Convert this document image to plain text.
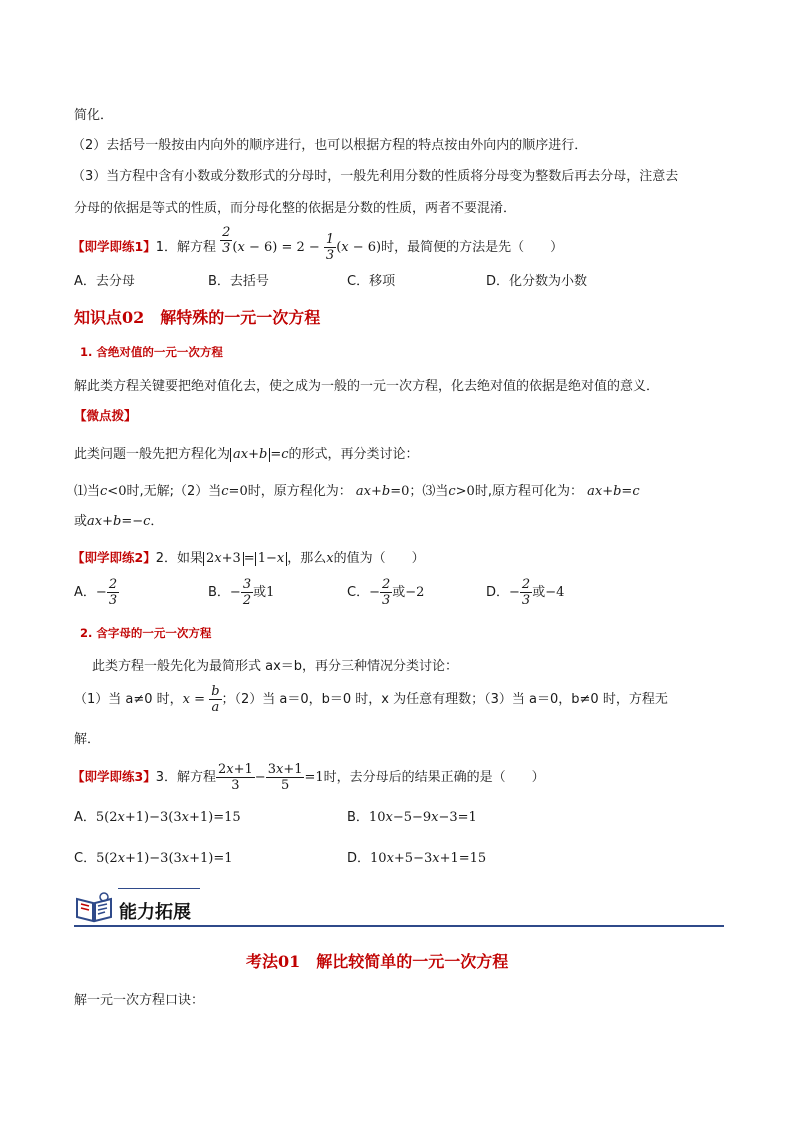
简化．
（2）去括号一般按由内向外的顺序进行，也可以根据方程的特点按由外向内的顺序进行．
（3）当方程中含有小数或分数形式的分母时，一般先利用分数的性质将分母变为整数后再去分母，注意去
分母的依据是等式的性质，而分母化整的依据是分数的性质，两者不要混淆．
【即学即练1】1．解方程 $\frac{2}{3} (x - 6) = 2 - \frac{1}{3} (x - 6)$时，最简便的方法是先（　　）
A．去分母	B．去括号	C．移项	D．化分数为小数
知识点02　解特殊的一元一次方程
1. 含绝对值的一元一次方程
解此类方程关键要把绝对值化去，使之成为一般的一元一次方程，化去绝对值的依据是绝对值的意义．
【微点拨】
此类问题一般先把方程化为 ax+b =c的形式，再分类讨论：
⑴当c<0时,无解;（2）当c=0时，原方程化为： ax+b=0；⑶当c>0时,原方程可化为： ax+b=c
或ax+b=−c．
【即学即练2】2．如果 2x+3 = 1−x ，那么x的值为（　　）
A．− $\frac{2}{3}$	B．− $\frac{3}{2}$ 或1	C．− $\frac{2}{3}$ 或−2	D．− $\frac{2}{3}$ 或−4
2. 含字母的一元一次方程
此类方程一般先化为最简形式 ax＝b，再分三种情况分类讨论：
（1）当 a≠0 时，$x = \frac{b}{a}$ ；（2）当 a＝0，b＝0 时，x 为任意有理数；（3）当 a＝0，b≠0 时，方程无
解．
【即学即练3】3．解方程 $\frac{2x+1}{3} - \frac{3x+1}{5} =1$时，去分母后的结果正确的是（　　）
A．5(2x+1)−3(3x+1)=15	B．10x−5−9x−3=1
C．5(2x+1)−3(3x+1)=1	D．10x+5−3x+1=15
能力拓展
考法01　解比较简单的一元一次方程
解一元一次方程口诀：
